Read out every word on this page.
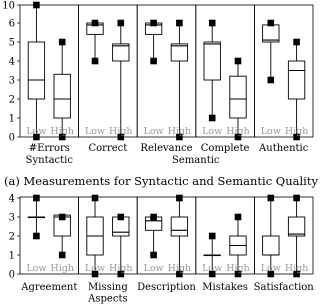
0
1
2
3
4
5
6
10
Low High
#Errors
Low High
Correct
Low High
Relevance
Low High
Complete
Low High
Authentic
Syntactic	Semantic
(a) Measurements for Syntactic and Semantic Quality
0
1
2
3
4
Low High
Agreement
Low High
Missing
Aspects
Low High
Description
Low High
Mistakes
Low High
Satisfaction
